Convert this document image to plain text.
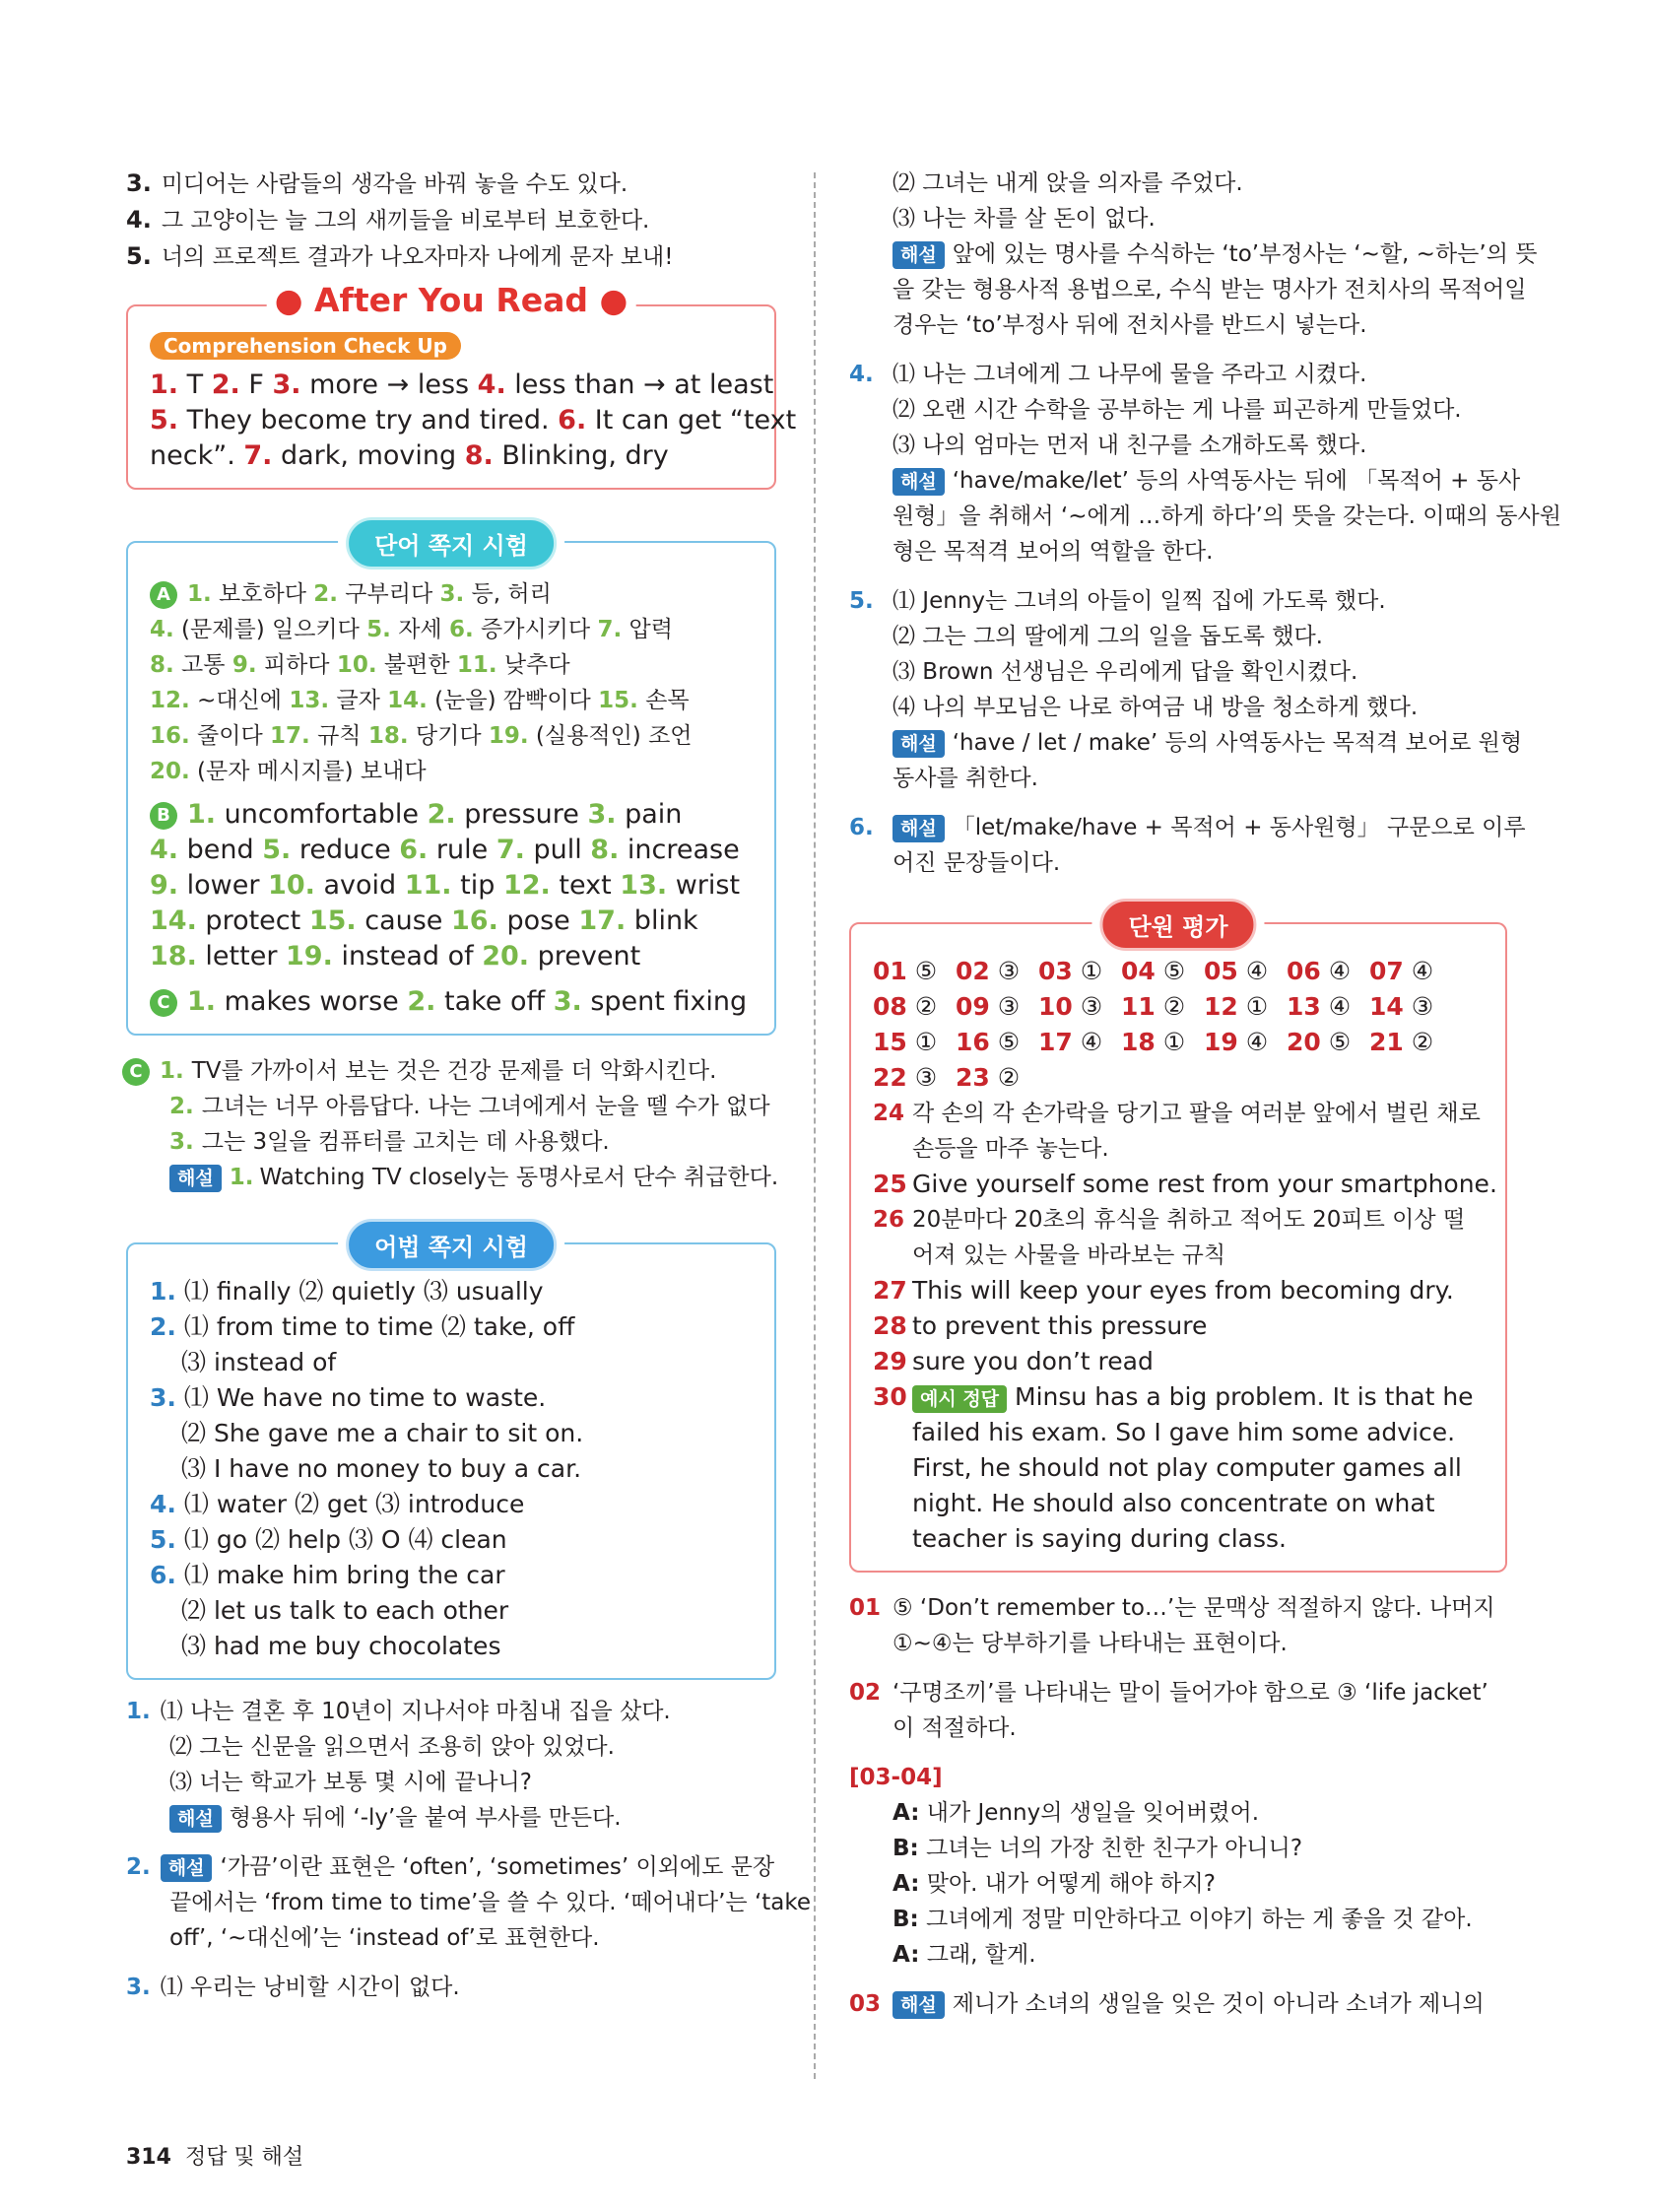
3. 미디어는 사람들의 생각을 바꿔 놓을 수도 있다.
4. 그 고양이는 늘 그의 새끼들을 비로부터 보호한다.
5. 너의 프로젝트 결과가 나오자마자 나에게 문자 보내!
● After You Read ●
Comprehension Check Up
1. T 2. F 3. more → less 4. less than → at least
5. They become try and tired. 6. It can get “text
neck”. 7. dark, moving 8. Blinking, dry
단어 쪽지 시험
A 1. 보호하다 2. 구부리다 3. 등, 허리
4. (문제를) 일으키다 5. 자세 6. 증가시키다 7. 압력
8. 고통 9. 피하다 10. 불편한 11. 낮추다
12. ~대신에 13. 글자 14. (눈을) 깜빡이다 15. 손목
16. 줄이다 17. 규칙 18. 당기다 19. (실용적인) 조언
20. (문자 메시지를) 보내다
B 1. uncomfortable 2. pressure 3. pain
4. bend 5. reduce 6. rule 7. pull 8. increase
9. lower 10. avoid 11. tip 12. text 13. wrist
14. protect 15. cause 16. pose 17. blink
18. letter 19. instead of 20. prevent
C 1. makes worse 2. take off 3. spent fixing
C 1. TV를 가까이서 보는 것은 건강 문제를 더 악화시킨다.
2. 그녀는 너무 아름답다. 나는 그녀에게서 눈을 뗄 수가 없다
3. 그는 3일을 컴퓨터를 고치는 데 사용했다.
해설 1. Watching TV closely는 동명사로서 단수 취급한다.
어법 쪽지 시험
1. ⑴ finally ⑵ quietly ⑶ usually
2. ⑴ from time to time ⑵ take, off
⑶ instead of
3. ⑴ We have no time to waste.
⑵ She gave me a chair to sit on.
⑶ I have no money to buy a car.
4. ⑴ water ⑵ get ⑶ introduce
5. ⑴ go ⑵ help ⑶ O ⑷ clean
6. ⑴ make him bring the car
⑵ let us talk to each other
⑶ had me buy chocolates
1. ⑴ 나는 결혼 후 10년이 지나서야 마침내 집을 샀다.
⑵ 그는 신문을 읽으면서 조용히 앉아 있었다.
⑶ 너는 학교가 보통 몇 시에 끝나니?
해설 형용사 뒤에 ‘-ly’을 붙여 부사를 만든다.
2. 해설 ‘가끔’이란 표현은 ‘often’, ‘sometimes’ 이외에도 문장
끝에서는 ‘from time to time’을 쓸 수 있다. ‘떼어내다’는 ‘take
off’, ‘~대신에’는 ‘instead of’로 표현한다.
3. ⑴ 우리는 낭비할 시간이 없다.
⑵ 그녀는 내게 앉을 의자를 주었다.
⑶ 나는 차를 살 돈이 없다.
해설 앞에 있는 명사를 수식하는 ‘to’부정사는 ‘~할, ~하는’의 뜻
을 갖는 형용사적 용법으로, 수식 받는 명사가 전치사의 목적어일
경우는 ‘to’부정사 뒤에 전치사를 반드시 넣는다.
4. ⑴ 나는 그녀에게 그 나무에 물을 주라고 시켰다.
⑵ 오랜 시간 수학을 공부하는 게 나를 피곤하게 만들었다.
⑶ 나의 엄마는 먼저 내 친구를 소개하도록 했다.
해설 ‘have/make/let’ 등의 사역동사는 뒤에 「목적어 + 동사
원형」을 취해서 ‘~에게 …하게 하다’의 뜻을 갖는다. 이때의 동사원
형은 목적격 보어의 역할을 한다.
5. ⑴ Jenny는 그녀의 아들이 일찍 집에 가도록 했다.
⑵ 그는 그의 딸에게 그의 일을 돕도록 했다.
⑶ Brown 선생님은 우리에게 답을 확인시켰다.
⑷ 나의 부모님은 나로 하여금 내 방을 청소하게 했다.
해설 ‘have / let / make’ 등의 사역동사는 목적격 보어로 원형
동사를 취한다.
6. 해설 「let/make/have + 목적어 + 동사원형」 구문으로 이루
어진 문장들이다.
단원 평가
01 ⑤ 02 ③ 03 ① 04 ⑤ 05 ④ 06 ④ 07 ④
08 ② 09 ③ 10 ③ 11 ② 12 ① 13 ④ 14 ③
15 ① 16 ⑤ 17 ④ 18 ① 19 ④ 20 ⑤ 21 ②
22 ③ 23 ②
24 각 손의 각 손가락을 당기고 팔을 여러분 앞에서 벌린 채로
손등을 마주 놓는다.
25 Give yourself some rest from your smartphone.
26 20분마다 20초의 휴식을 취하고 적어도 20피트 이상 떨
어져 있는 사물을 바라보는 규칙
27 This will keep your eyes from becoming dry.
28 to prevent this pressure
29 sure you don’t read
30 예시 정답 Minsu has a big problem. It is that he
failed his exam. So I gave him some advice.
First, he should not play computer games all
night. He should also concentrate on what
teacher is saying during class.
01 ⑤ ‘Don’t remember to…’는 문맥상 적절하지 않다. 나머지
①~④는 당부하기를 나타내는 표현이다.
02 ‘구명조끼’를 나타내는 말이 들어가야 함으로 ③ ‘life jacket’
이 적절하다.
[03-04]
A: 내가 Jenny의 생일을 잊어버렸어.
B: 그녀는 너의 가장 친한 친구가 아니니?
A: 맞아. 내가 어떻게 해야 하지?
B: 그녀에게 정말 미안하다고 이야기 하는 게 좋을 것 같아.
A: 그래, 할게.
03 해설 제니가 소녀의 생일을 잊은 것이 아니라 소녀가 제니의
314 정답 및 해설
